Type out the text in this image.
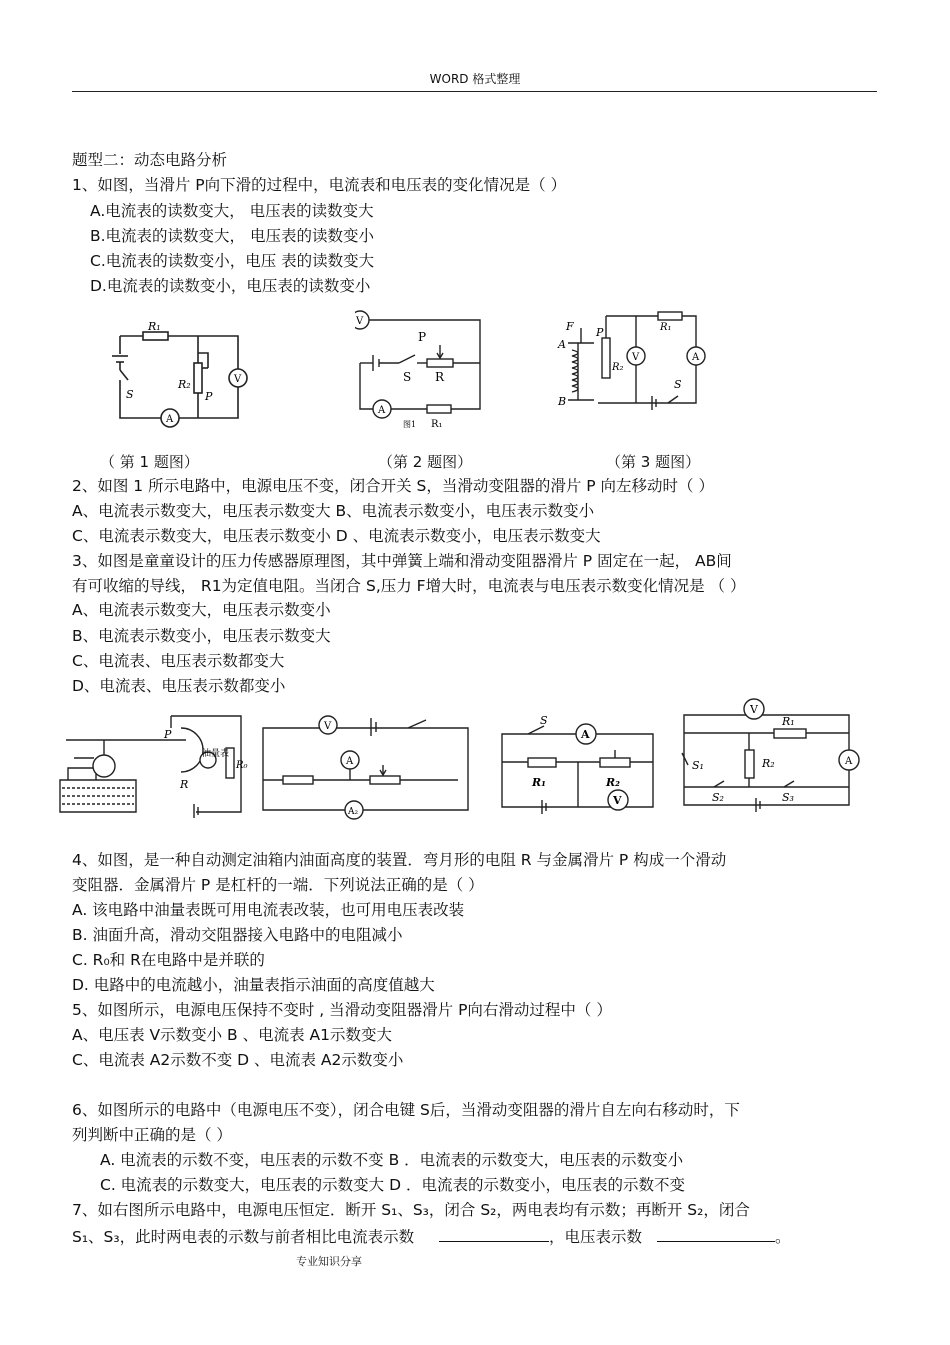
WORD 格式整理
题型二：动态电路分析
1、如图，当滑片 P向下滑的过程中，电流表和电压表的变化情况是（ ）
A.电流表的读数变大， 电压表的读数变大
B.电流表的读数变大， 电压表的读数变小
C.电流表的读数变小，电压 表的读数变大
D.电流表的读数变小，电压表的读数变小
R₁
R₂
P
S
A
V
V
P
S R
A
R₁
图1
F
A
B
P
R₂
R₁
V	A
S
（ 第 1 题图）	（第 2 题图）	（第 3 题图）
2、如图 1 所示电路中，电源电压不变，闭合开关 S，当滑动变阻器的滑片 P 向左移动时（ ）
A、电流表示数变大，电压表示数变大 B、电流表示数变小，电压表示数变小
C、电流表示数变大，电压表示数变小 D 、电流表示数变小，电压表示数变大
3、如图是童童设计的压力传感器原理图，其中弹簧上端和滑动变阻器滑片 P 固定在一起， AB间
有可收缩的导线， R1为定值电阻。当闭合 S,压力 F增大时，电流表与电压表示数变化情况是 （ ）
A、电流表示数变大，电压表示数变小
B、电流表示数变小，电压表示数变大
C、电流表、电压表示数都变大
D、电流表、电压表示数都变小
P
R
油量表
R₀
V
A
A₂
S
A
R₁	R₂
V
V
R₁
R₂	A
S₁
S₂	S₃
4、如图，是一种自动测定油箱内油面高度的装置．弯月形的电阻 R 与金属滑片 P 构成一个滑动
变阻器．金属滑片 P 是杠杆的一端．下列说法正确的是（ ）
A. 该电路中油量表既可用电流表改装，也可用电压表改装
B. 油面升高，滑动交阻器接入电路中的电阻减小
C. R₀和 R在电路中是并联的
D. 电路中的电流越小，油量表指示油面的高度值越大
5、如图所示，电源电压保持不变时 , 当滑动变阻器滑片 P向右滑动过程中（ ）
A、电压表 V示数变小 B 、电流表 A1示数变大
C、电流表 A2示数不变 D 、电流表 A2示数变小
6、如图所示的电路中（电源电压不变），闭合电键 S后，当滑动变阻器的滑片自左向右移动时，下
列判断中正确的是（ ）
A. 电流表的示数不变，电压表的示数不变 B ．电流表的示数变大，电压表的示数变小
C. 电流表的示数变大，电压表的示数变大 D ．电流表的示数变小，电压表的示数不变
7、如右图所示电路中，电源电压恒定．断开 S₁、S₃，闭合 S₂，两电表均有示数；再断开 S₂，闭合
S₁、S₃，此时两电表的示数与前者相比电流表示数	，电压表示数	。
专业知识分享
